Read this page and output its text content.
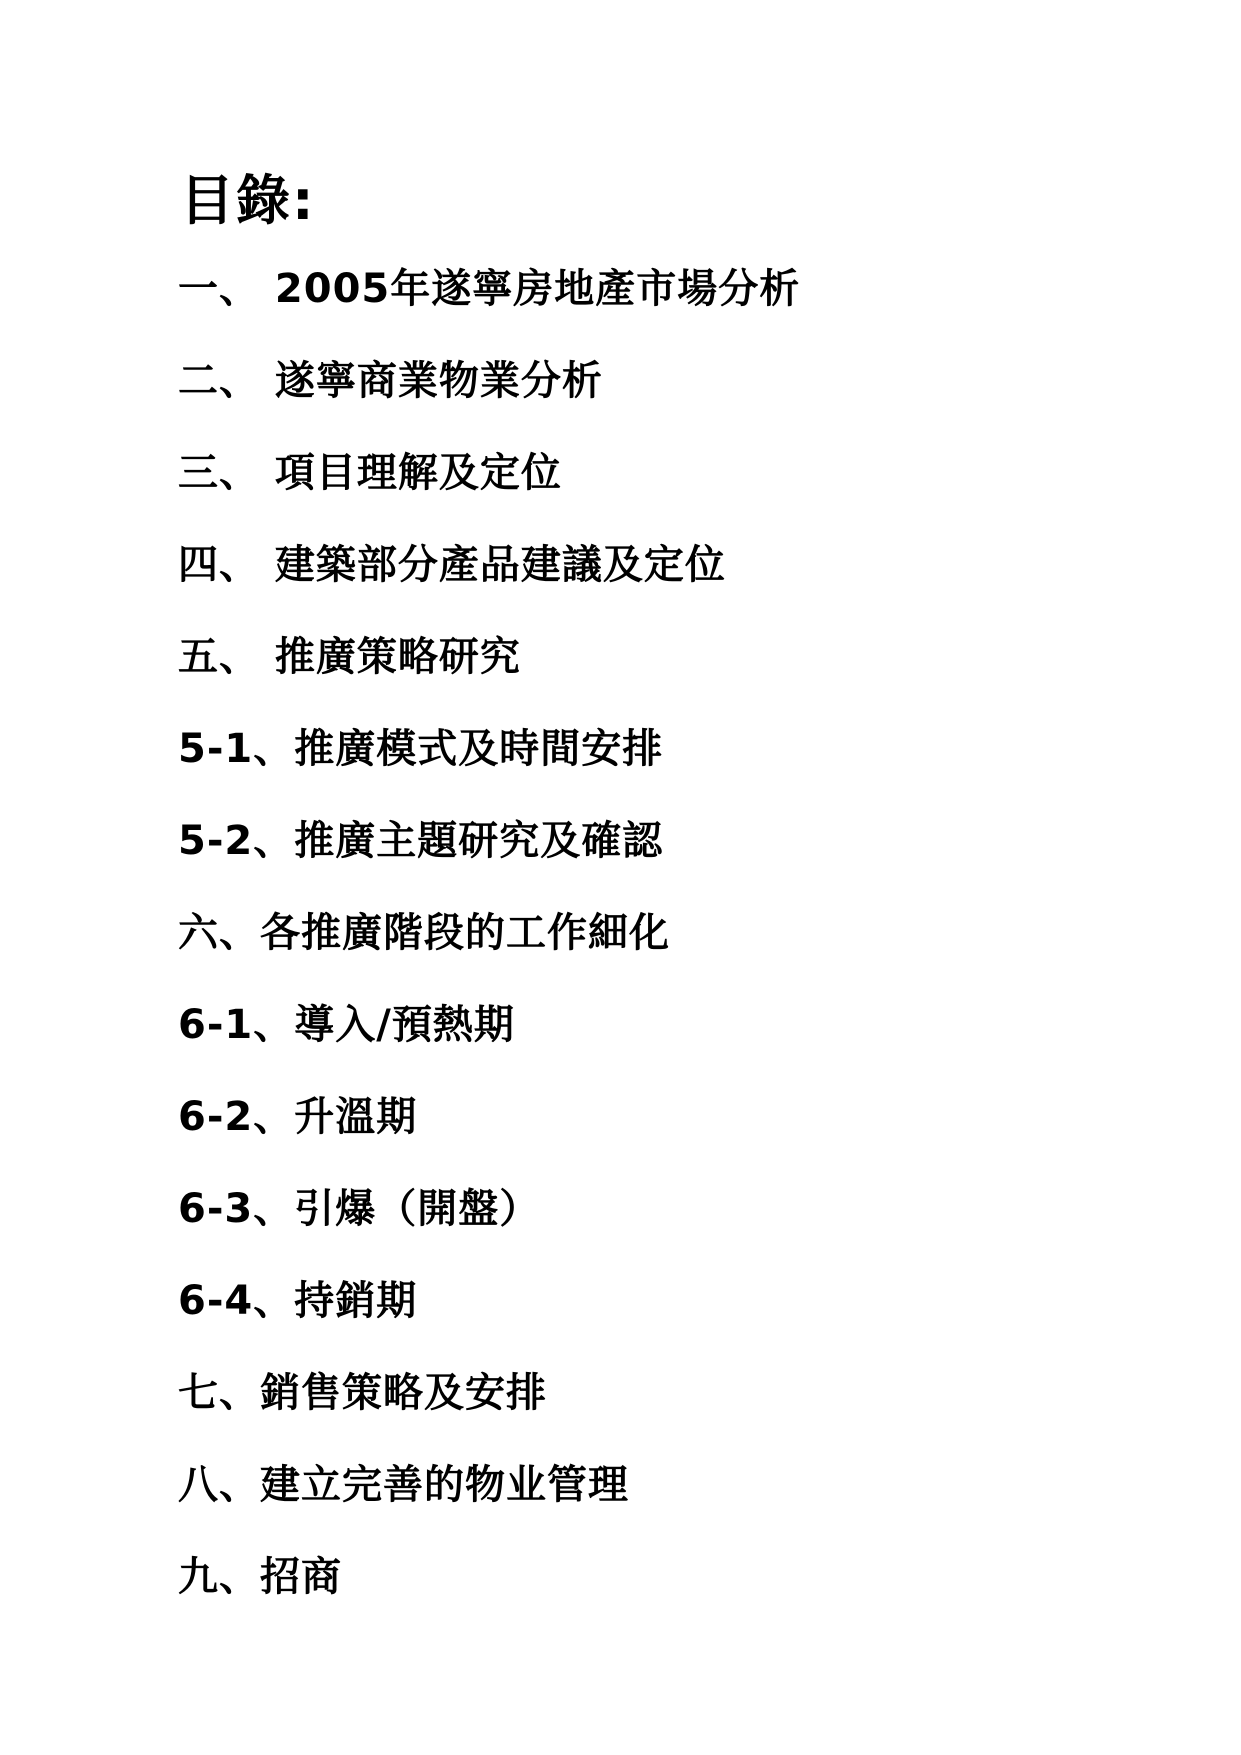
目錄:
一、 2005年遂寧房地產市場分析
二、 遂寧商業物業分析
三、 項目理解及定位
四、 建築部分產品建議及定位
五、 推廣策略研究
5-1、推廣模式及時間安排
5-2、推廣主題研究及確認
六、各推廣階段的工作細化
6-1、導入/預熱期
6-2、升溫期
6-3、引爆（開盤）
6-4、持銷期
七、銷售策略及安排
八、建立完善的物业管理
九、招商
